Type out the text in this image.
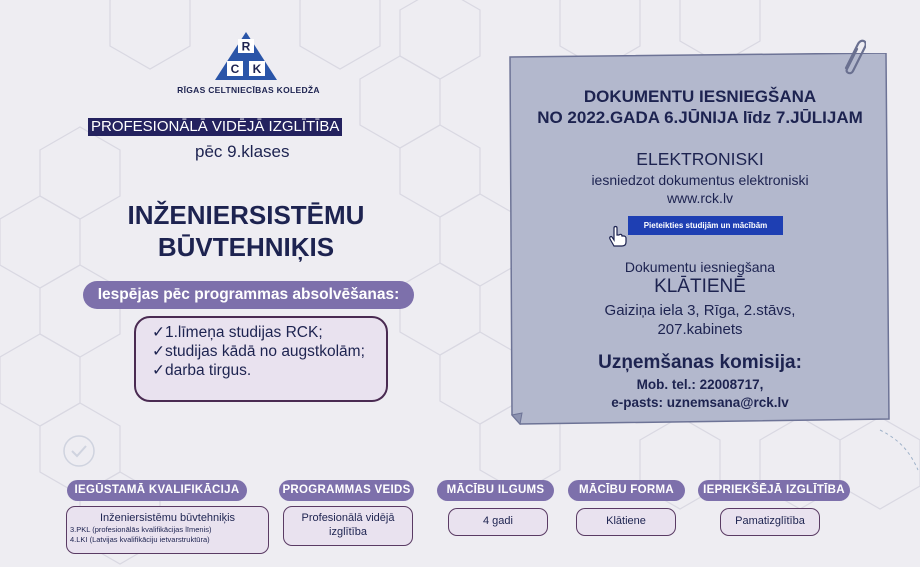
R
C K
RĪGAS CELTNIECĪBAS KOLEDŽA
PROFESIONĀLĀ VIDĒJĀ IZGLĪTĪBA
pēc 9.klases
INŽENIERSISTĒMU
BŪVTEHNIĶIS
Iespējas pēc programmas absolvēšanas:
✓1.līmeņa studijas RCK;
✓studijas kādā no augstkolām;
✓darba tirgus.
DOKUMENTU IESNIEGŠANA
NO 2022.GADA 6.JŪNIJA līdz 7.JŪLIJAM
ELEKTRONISKI
iesniedzot dokumentus elektroniski
www.rck.lv
Pieteikties studijām un mācībām
Dokumentu iesniegšana
KLĀTIENĒ
Gaiziņa iela 3, Rīga, 2.stāvs,
207.kabinets
Uzņemšanas komisija:
Mob. tel.: 22008717,
e-pasts: uznemsana@rck.lv
IEGŪSTAMĀ KVALIFIKĀCIJA
Inženiersistēmu būvtehniķis
3.PKL (profesionālās kvalifikācijas līmenis)
4.LKI (Latvijas kvalifikāciju ietvarstruktūra)
PROGRAMMAS VEIDS
Profesionālā vidējā izglītība
MĀCĪBU ILGUMS
4 gadi
MĀCĪBU FORMA
Klātiene
IEPRIEKŠĒJĀ IZGLĪTĪBA
Pamatizglītība
